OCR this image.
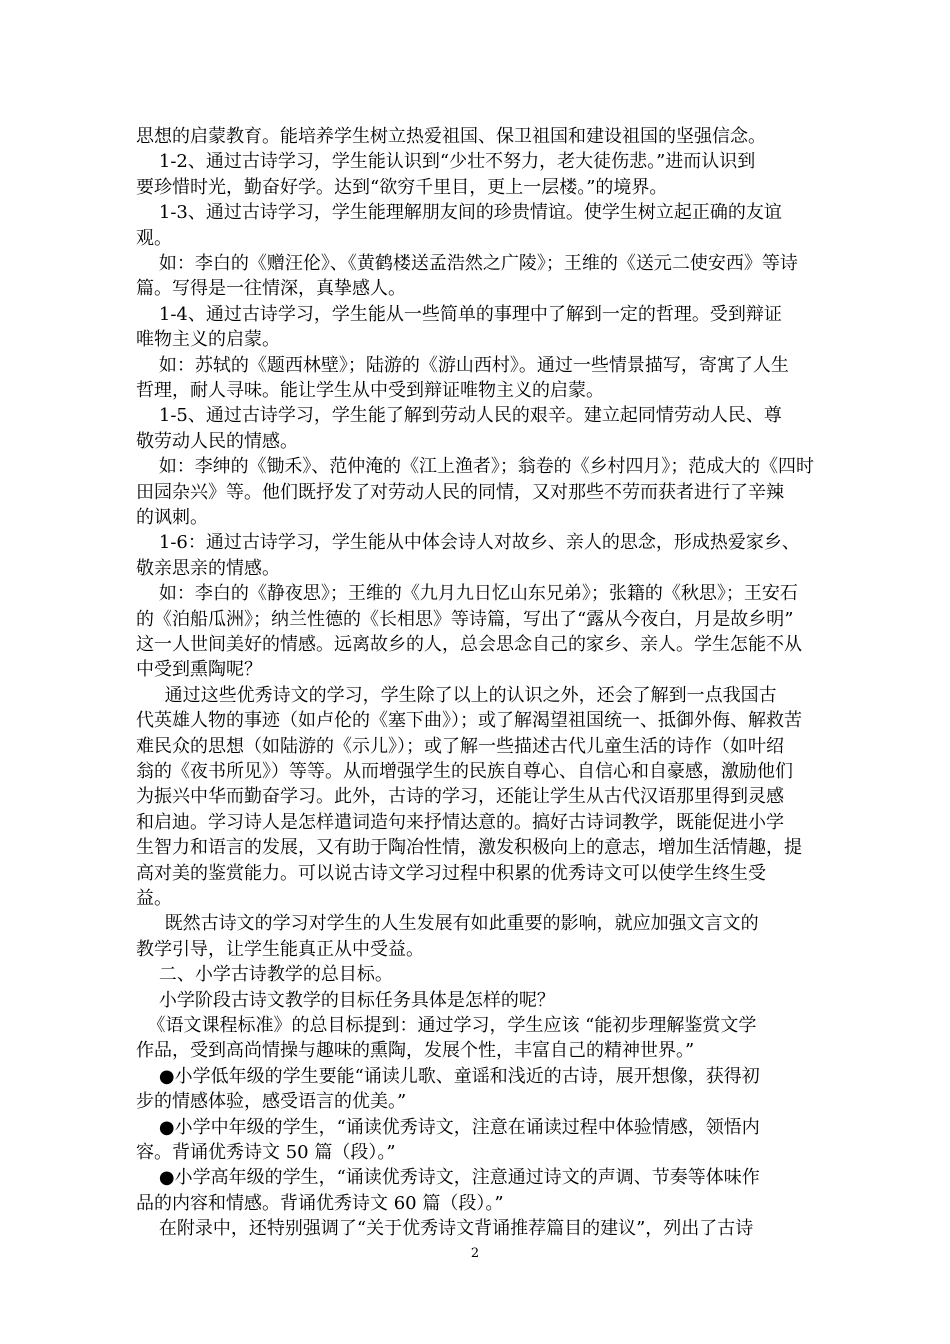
思想的启蒙教育。能培养学生树立热爱祖国、保卫祖国和建设祖国的坚强信念。
1-2、通过古诗学习，学生能认识到“少壮不努力，老大徒伤悲。”进而认识到
要珍惜时光，勤奋好学。达到“欲穷千里目，更上一层楼。”的境界。
1-3、通过古诗学习，学生能理解朋友间的珍贵情谊。使学生树立起正确的友谊
观。
如：李白的《赠汪伦》、《黄鹤楼送孟浩然之广陵》；王维的《送元二使安西》等诗
篇。写得是一往情深，真挚感人。
1-4、通过古诗学习，学生能从一些简单的事理中了解到一定的哲理。受到辩证
唯物主义的启蒙。
如：苏轼的《题西林壁》；陆游的《游山西村》。通过一些情景描写，寄寓了人生
哲理，耐人寻味。能让学生从中受到辩证唯物主义的启蒙。
1-5、通过古诗学习，学生能了解到劳动人民的艰辛。建立起同情劳动人民、尊
敬劳动人民的情感。
如：李绅的《锄禾》、范仲淹的《江上渔者》；翁卷的《乡村四月》；范成大的《四时
田园杂兴》等。他们既抒发了对劳动人民的同情，又对那些不劳而获者进行了辛辣
的讽刺。
1-6：通过古诗学习，学生能从中体会诗人对故乡、亲人的思念，形成热爱家乡、
敬亲思亲的情感。
如：李白的《静夜思》；王维的《九月九日忆山东兄弟》；张籍的《秋思》；王安石
的《泊船瓜洲》；纳兰性德的《长相思》等诗篇，写出了“露从今夜白，月是故乡明”
这一人世间美好的情感。远离故乡的人，总会思念自己的家乡、亲人。学生怎能不从
中受到熏陶呢？
通过这些优秀诗文的学习，学生除了以上的认识之外，还会了解到一点我国古
代英雄人物的事迹（如卢伦的《塞下曲》）；或了解渴望祖国统一、抵御外侮、解救苦
难民众的思想（如陆游的《示儿》）；或了解一些描述古代儿童生活的诗作（如叶绍
翁的《夜书所见》）等等。从而增强学生的民族自尊心、自信心和自豪感，激励他们
为振兴中华而勤奋学习。此外，古诗的学习，还能让学生从古代汉语那里得到灵感
和启迪。学习诗人是怎样遣词造句来抒情达意的。搞好古诗词教学，既能促进小学
生智力和语言的发展，又有助于陶冶性情，激发积极向上的意志，增加生活情趣，提
高对美的鉴赏能力。可以说古诗文学习过程中积累的优秀诗文可以使学生终生受
益。
既然古诗文的学习对学生的人生发展有如此重要的影响，就应加强文言文的
教学引导，让学生能真正从中受益。
二、小学古诗教学的总目标。
小学阶段古诗文教学的目标任务具体是怎样的呢？
《语文课程标准》的总目标提到：通过学习，学生应该 “能初步理解鉴赏文学
作品，受到高尚情操与趣味的熏陶，发展个性，丰富自己的精神世界。”
●小学低年级的学生要能“诵读儿歌、童谣和浅近的古诗，展开想像，获得初
步的情感体验，感受语言的优美。”
●小学中年级的学生，“诵读优秀诗文，注意在诵读过程中体验情感，领悟内
容。背诵优秀诗文 50 篇（段）。”
●小学高年级的学生，“诵读优秀诗文，注意通过诗文的声调、节奏等体味作
品的内容和情感。背诵优秀诗文 60 篇（段）。”
在附录中，还特别强调了“关于优秀诗文背诵推荐篇目的建议”，列出了古诗
2
